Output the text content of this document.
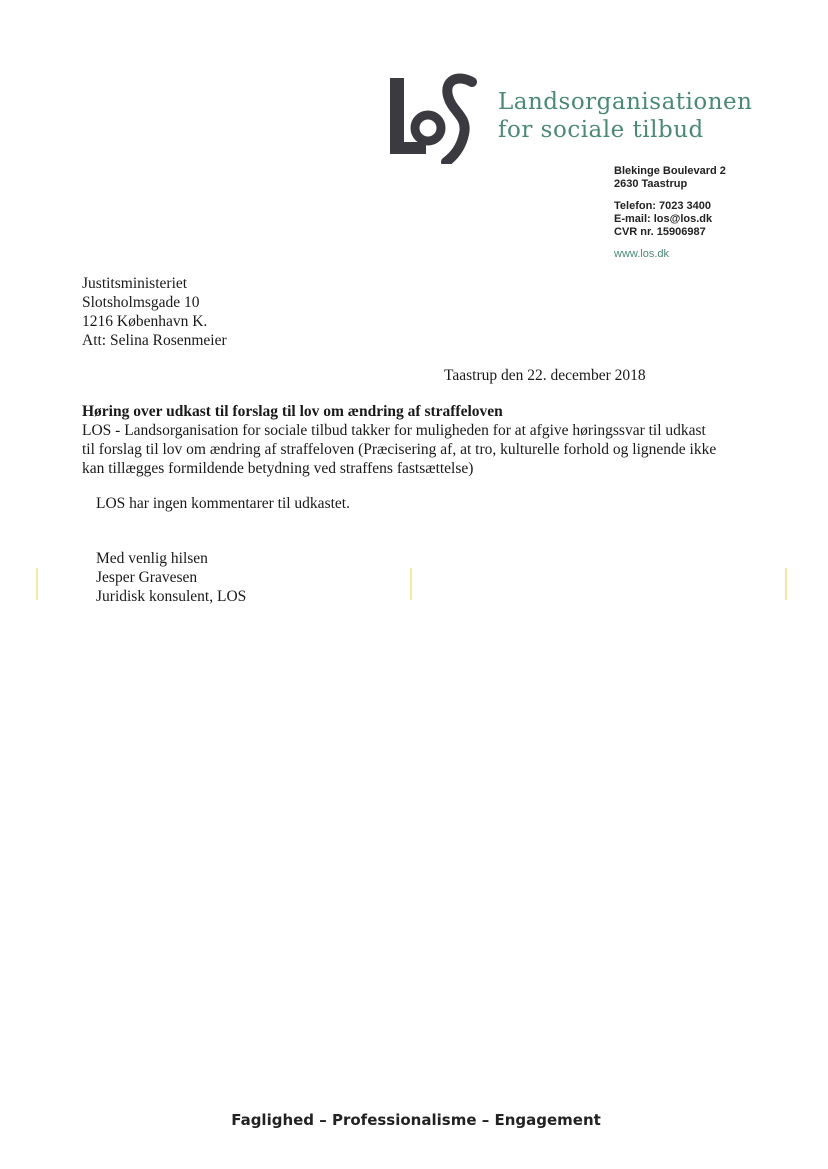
Landsorganisationen
for sociale tilbud
Blekinge Boulevard 2
2630 Taastrup
Telefon: 7023 3400
E-mail: los@los.dk
CVR nr. 15906987
www.los.dk
Justitsministeriet
Slotsholmsgade 10
1216 København K.
Att: Selina Rosenmeier
Taastrup den 22. december 2018
Høring over udkast til forslag til lov om ændring af straffeloven

LOS - Landsorganisation for sociale tilbud takker for muligheden for at afgive høringssvar til udkast til forslag til lov om ændring af straffeloven (Præcisering af, at tro, kulturelle forhold og lignende ikke kan tillægges formildende betydning ved straffens fastsættelse)

LOS har ingen kommentarer til udkastet.
Med venlig hilsen
Jesper Gravesen
Juridisk konsulent, LOS
Faglighed – Professionalisme – Engagement
